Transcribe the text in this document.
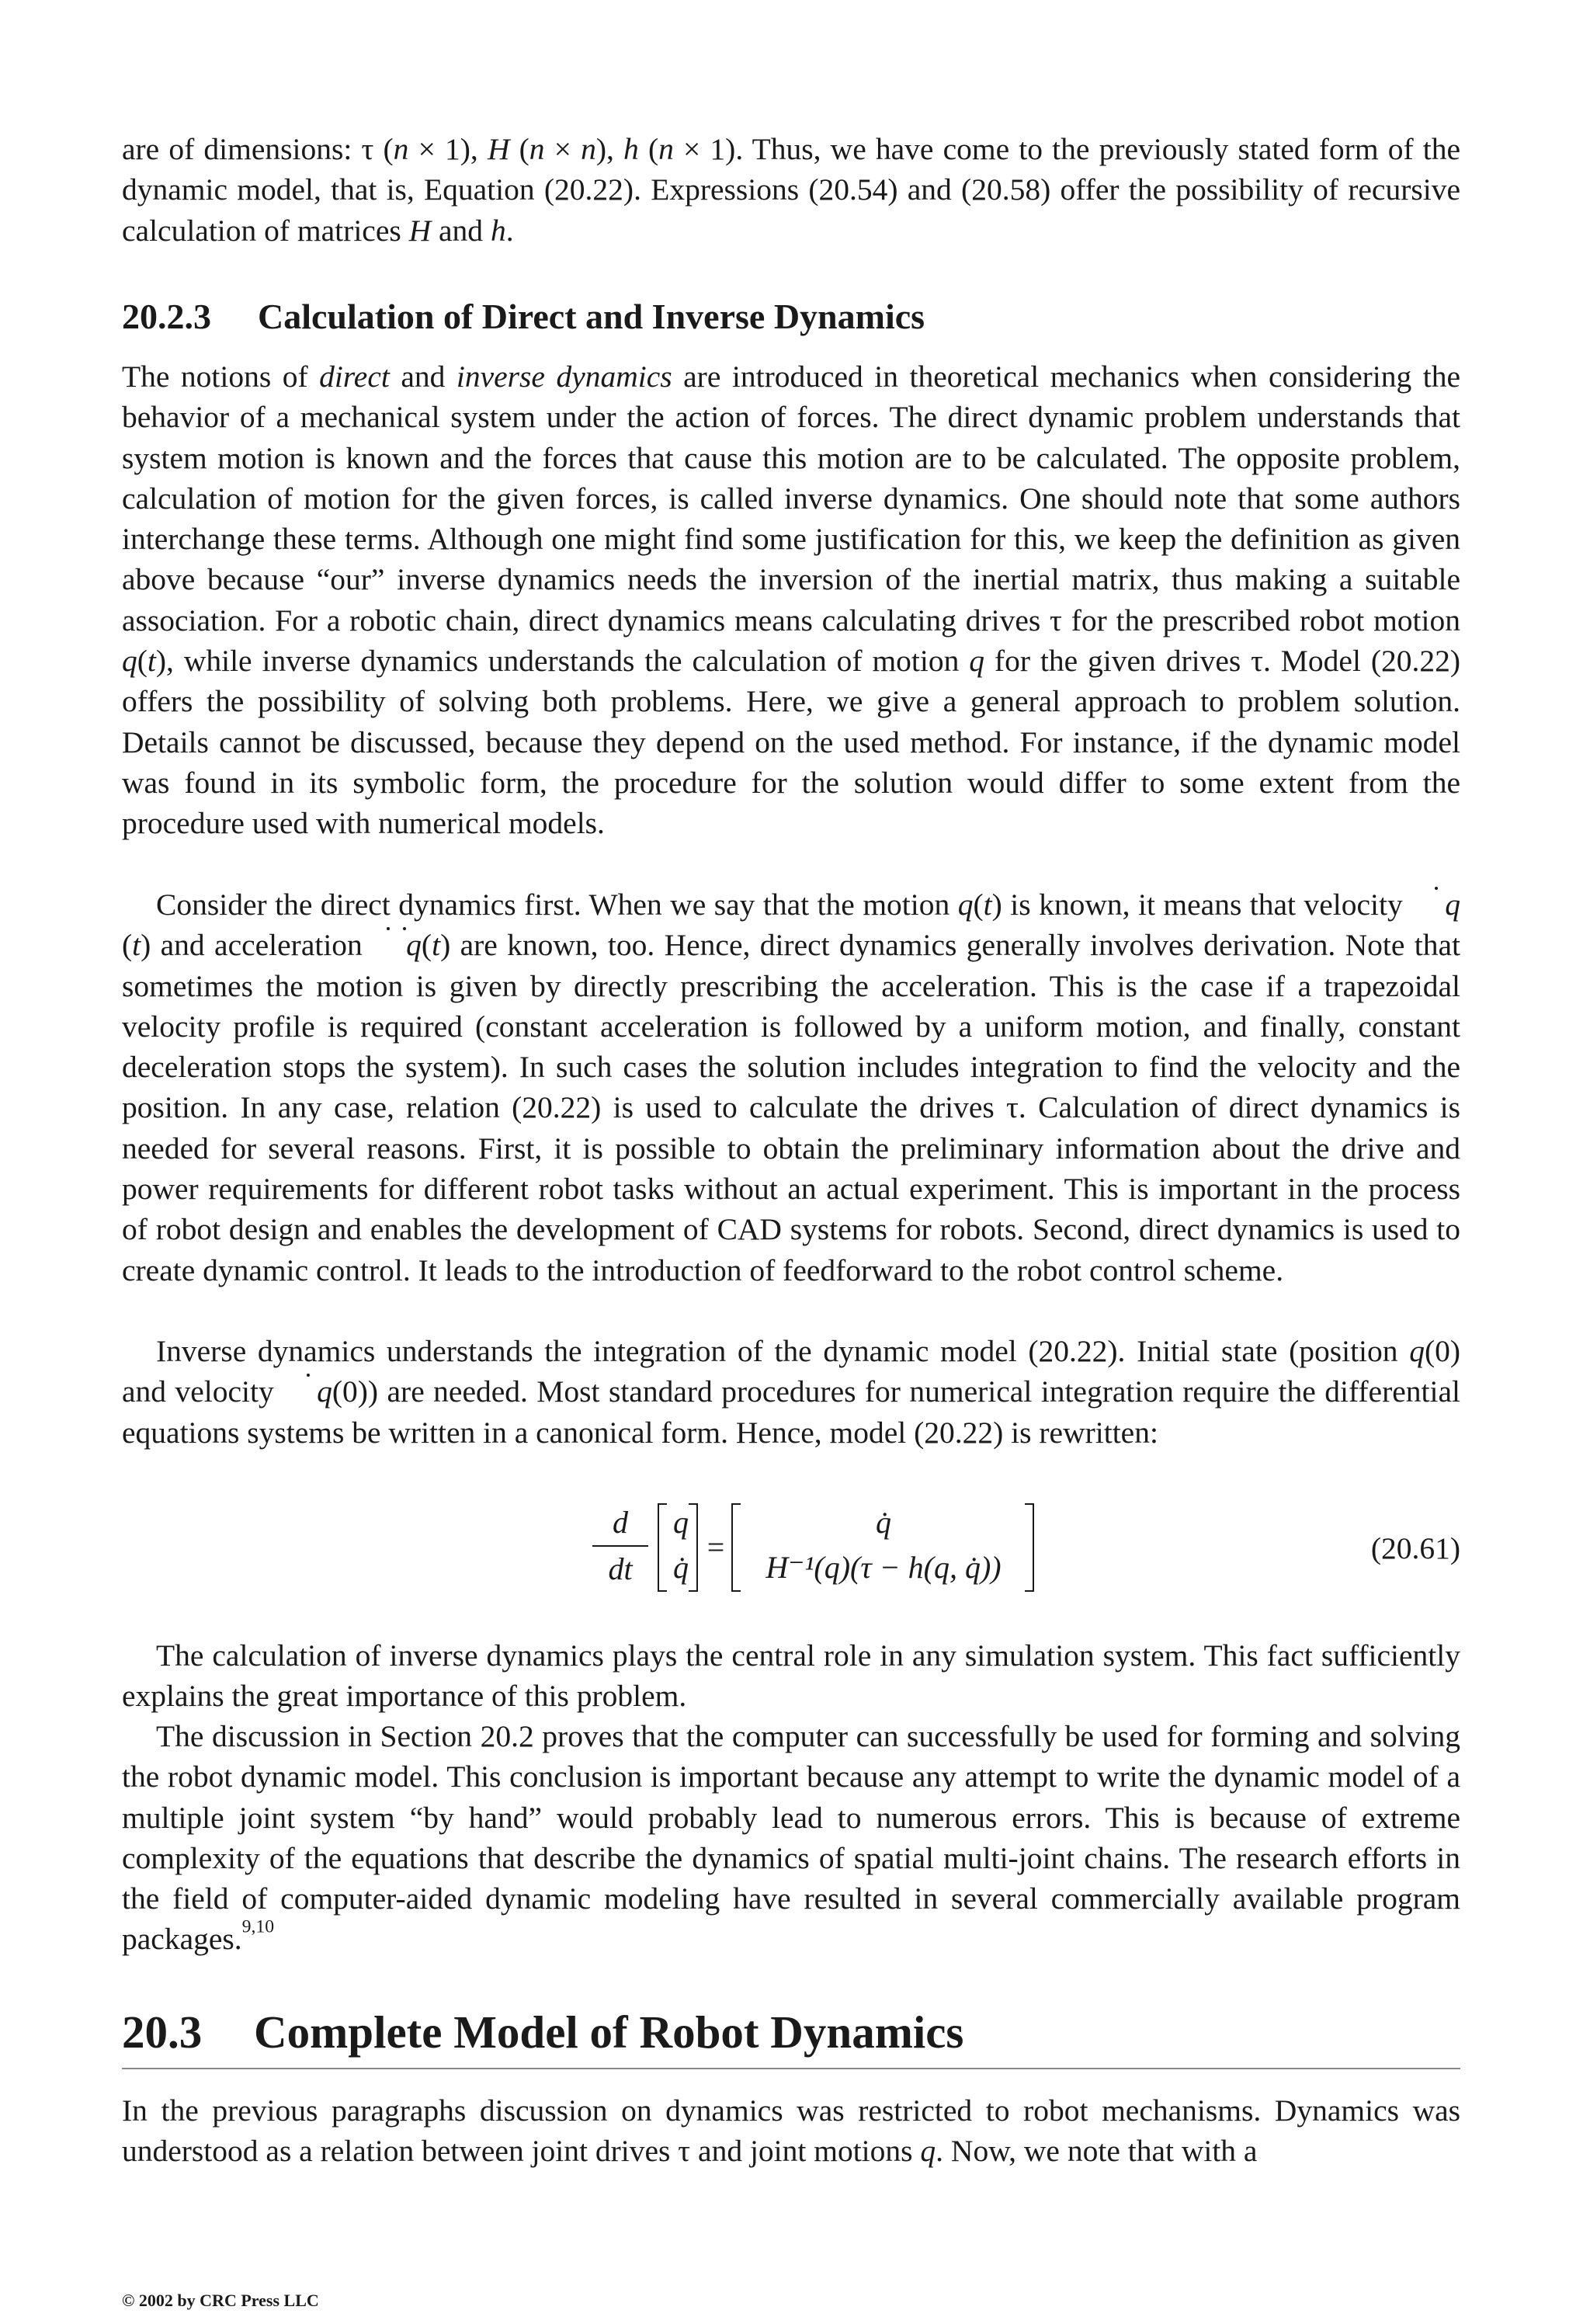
are of dimensions: τ (n × 1), H (n × n), h (n × 1). Thus, we have come to the previously stated form of the dynamic model, that is, Equation (20.22). Expressions (20.54) and (20.58) offer the possibility of recursive calculation of matrices H and h.

20.2.3 Calculation of Direct and Inverse Dynamics

The notions of direct and inverse dynamics are introduced in theoretical mechanics when considering the behavior of a mechanical system under the action of forces. The direct dynamic problem understands that system motion is known and the forces that cause this motion are to be calculated. The opposite problem, calculation of motion for the given forces, is called inverse dynamics. One should note that some authors interchange these terms. Although one might find some justification for this, we keep the definition as given above because “our” inverse dynamics needs the inversion of the inertial matrix, thus making a suitable association. For a robotic chain, direct dynamics means calculating drives τ for the prescribed robot motion q(t), while inverse dynamics understands the calculation of motion q for the given drives τ. Model (20.22) offers the possibility of solving both problems. Here, we give a general approach to problem solution. Details cannot be discussed, because they depend on the used method. For instance, if the dynamic model was found in its symbolic form, the procedure for the solution would differ to some extent from the procedure used with numerical models.

Consider the direct dynamics first. When we say that the motion q(t) is known, it means that velocity q(t) and acceleration q(t) are known, too. Hence, direct dynamics generally involves derivation. Note that sometimes the motion is given by directly prescribing the acceleration. This is the case if a trapezoidal velocity profile is required (constant acceleration is followed by a uniform motion, and finally, constant deceleration stops the system). In such cases the solution includes integration to find the velocity and the position. In any case, relation (20.22) is used to calculate the drives τ. Calculation of direct dynamics is needed for several reasons. First, it is possible to obtain the preliminary information about the drive and power requirements for different robot tasks without an actual experiment. This is important in the process of robot design and enables the development of CAD systems for robots. Second, direct dynamics is used to create dynamic control. It leads to the introduction of feedforward to the robot control scheme.

Inverse dynamics understands the integration of the dynamic model (20.22). Initial state (position q(0) and velocity q(0)) are needed. Most standard procedures for numerical integration require the differential equations systems be written in a canonical form. Hence, model (20.22) is rewritten:

d
dt
q
q̇
=
q̇
H⁻¹(q)(τ − h(q, q̇))
(20.61)

The calculation of inverse dynamics plays the central role in any simulation system. This fact sufficiently explains the great importance of this problem.

The discussion in Section 20.2 proves that the computer can successfully be used for forming and solving the robot dynamic model. This conclusion is important because any attempt to write the dynamic model of a multiple joint system “by hand” would probably lead to numerous errors. This is because of extreme complexity of the equations that describe the dynamics of spatial multi-joint chains. The research efforts in the field of computer-aided dynamic modeling have resulted in several commercially available program packages.$^{9,10}$

20.3 Complete Model of Robot Dynamics

In the previous paragraphs discussion on dynamics was restricted to robot mechanisms. Dynamics was understood as a relation between joint drives τ and joint motions q. Now, we note that with a

© 2002 by CRC Press LLC
